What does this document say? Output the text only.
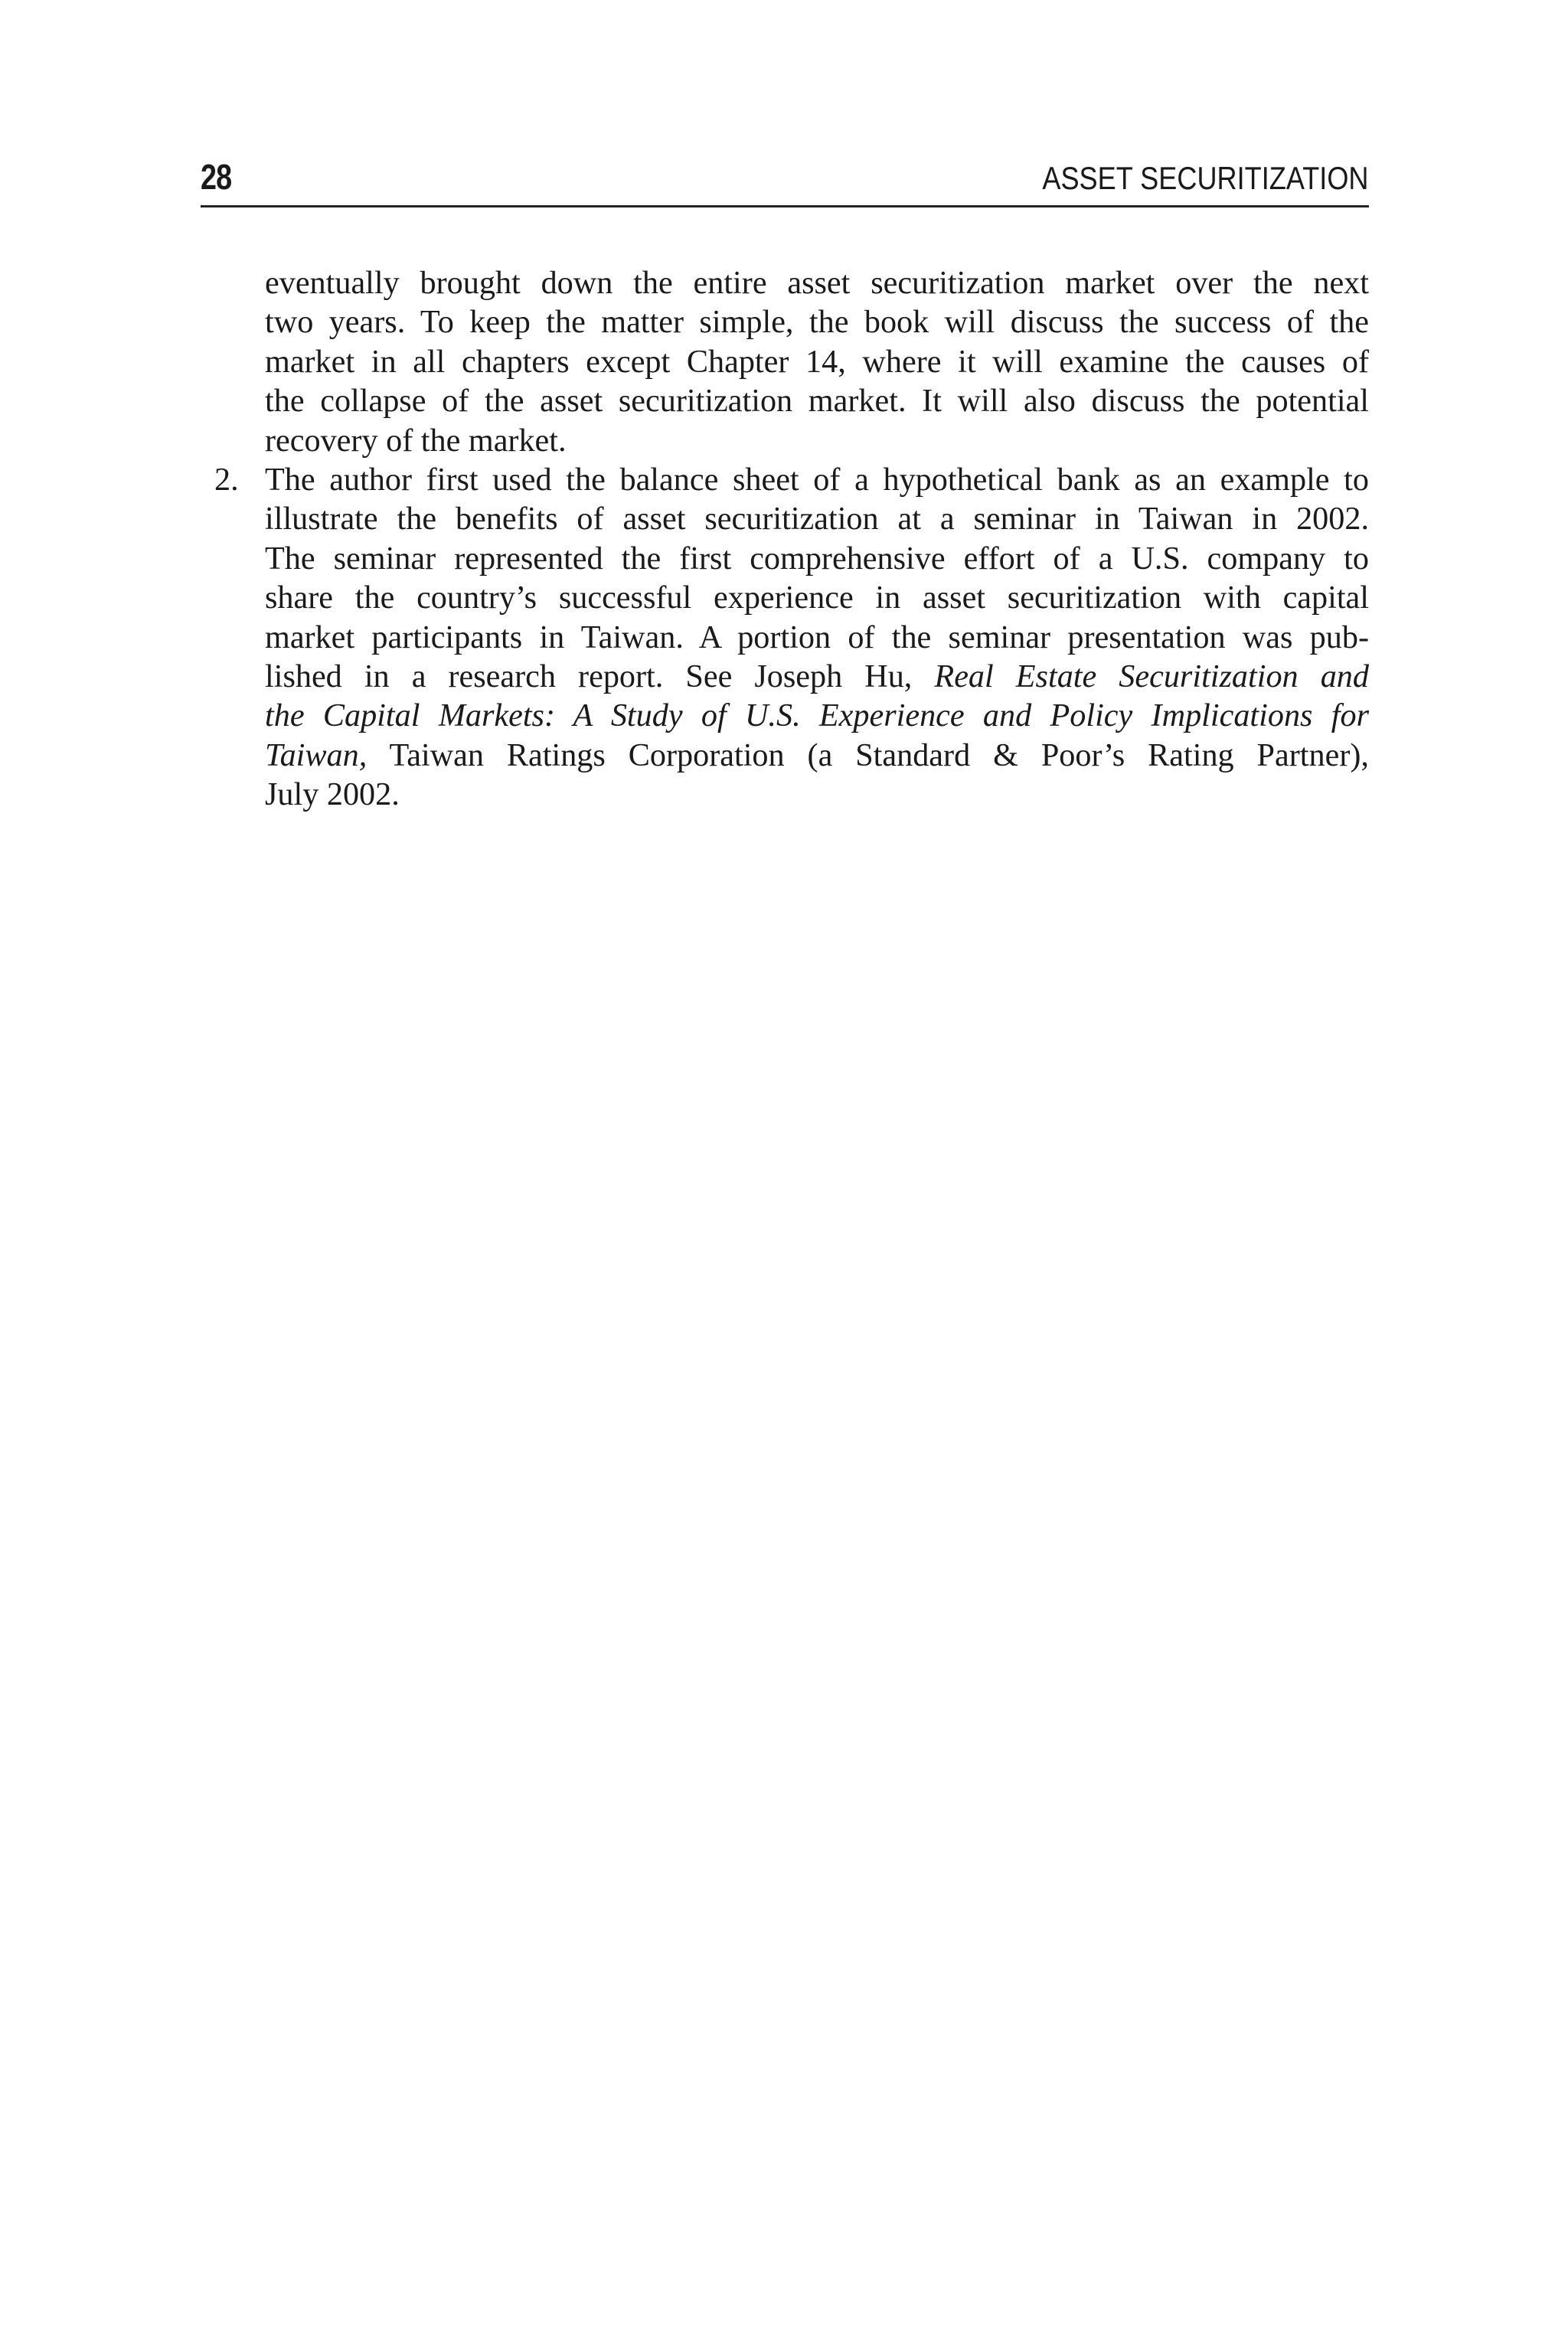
28	ASSET SECURITIZATION
eventually brought down the entire asset securitization market over the next
two years. To keep the matter simple, the book will discuss the success of the
market in all chapters except Chapter 14, where it will examine the causes of
the collapse of the asset securitization market. It will also discuss the potential
recovery of the market.
2. The author first used the balance sheet of a hypothetical bank as an example to
illustrate the benefits of asset securitization at a seminar in Taiwan in 2002.
The seminar represented the first comprehensive effort of a U.S. company to
share the country’s successful experience in asset securitization with capital
market participants in Taiwan. A portion of the seminar presentation was pub-
lished in a research report. See Joseph Hu, Real Estate Securitization and
the Capital Markets: A Study of U.S. Experience and Policy Implications for
Taiwan, Taiwan Ratings Corporation (a Standard & Poor’s Rating Partner),
July 2002.
